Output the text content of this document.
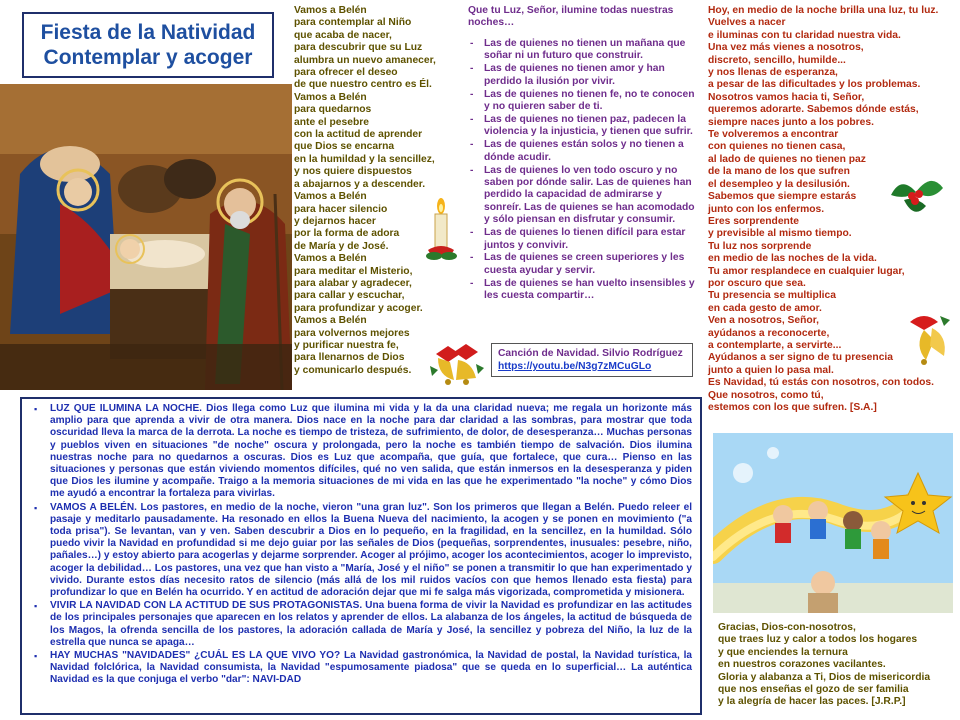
Fiesta de la Natividad
Contemplar y acoger
Vamos a Belén
para contemplar al Niño
que acaba de nacer,
para descubrir que su Luz
alumbra un nuevo amanecer,
para ofrecer el deseo
de que nuestro centro es Él.
Vamos a Belén
para quedarnos
ante el pesebre
con la actitud de aprender
que Dios se encarna
en la humildad y la sencillez,
y nos quiere dispuestos
a abajarnos y a descender.
Vamos a Belén
para hacer silencio
y dejarnos hacer
por la forma de adora
de María y de José.
Vamos a Belén
para meditar el Misterio,
para alabar y agradecer,
para callar y escuchar,
para profundizar y acoger.
Vamos a Belén
para volvernos mejores
y purificar nuestra fe,
para llenarnos de Dios
y comunicarlo después.
Que tu Luz, Señor, ilumine todas nuestras noches…
- Las de quienes no tienen un mañana que soñar ni un futuro que construir.
- Las de quienes no tienen amor y han perdido la ilusión por vivir.
- Las de quienes no tienen fe, no te conocen y no quieren saber de ti.
- Las de quienes no tienen paz, padecen la violencia y la injusticia, y tienen que sufrir.
- Las de quienes están solos y no tienen a dónde acudir.
- Las de quienes lo ven todo oscuro y no saben por dónde salir. Las de quienes han perdido la capacidad de admirarse y sonreír. Las de quienes se han acomodado y sólo piensan en disfrutar y consumir.
- Las de quienes lo tienen difícil para estar juntos y convivir.
- Las de quienes se creen superiores y les cuesta ayudar y servir.
- Las de quienes se han vuelto insensibles y les cuesta compartir…
Canción de Navidad. Silvio Rodríguez
https://youtu.be/N3g7zMCuGLo
Hoy, en medio de la noche brilla una luz, tu luz.
Vuelves a nacer
e iluminas con tu claridad nuestra vida.
Una vez más vienes a nosotros,
discreto, sencillo, humilde...
y nos llenas de esperanza,
a pesar de las dificultades y los problemas.
Nosotros vamos hacia ti, Señor,
queremos adorarte. Sabemos dónde estás,
siempre naces junto a los pobres.
Te volveremos a encontrar
con quienes no tienen casa,
al lado de quienes no tienen paz
de la mano de los que sufren
el desempleo y la desilusión.
Sabemos que siempre estarás
junto con los enfermos.
Eres sorprendente
y previsible al mismo tiempo.
Tu luz nos sorprende
en medio de las noches de la vida.
Tu amor resplandece en cualquier lugar,
por oscuro que sea.
Tu presencia se multiplica
en cada gesto de amor.
Ven a nosotros, Señor,
ayúdanos a reconocerte,
a contemplarte, a servirte...
Ayúdanos a ser signo de tu presencia
junto a quien lo pasa mal.
Es Navidad, tú estás con nosotros, con todos.
Que nosotros, como tú,
estemos con los que sufren. [S.A.]

▪ LUZ QUE ILUMINA LA NOCHE. Dios llega como Luz que ilumina mi vida y la da una claridad nueva; me regala un horizonte más amplio para que aprenda a vivir de otra manera. Dios nace en la noche para dar claridad a las sombras, para mostrar que toda oscuridad lleva la marca de la derrota. La noche es tiempo de tristeza, de sufrimiento, de dolor, de desesperanza… Muchas personas y pueblos viven en situaciones "de noche" oscura y prolongada, pero la noche es también tiempo de salvación. Dios ilumina nuestras noche para no quedarnos a oscuras. Dios es Luz que acompaña, que guía, que fortalece, que cura… Pienso en las situaciones y personas que están viviendo momentos difíciles, qué no ven salida, que están inmersos en la desesperanza y piden que Dios les ilumine y acompañe. Traigo a la memoria situaciones de mi vida en las que he experimentado "la noche" y cómo Dios me ayudó a encontrar la fortaleza para vivirlas.

▪ VAMOS A BELÉN. Los pastores, en medio de la noche, vieron "una gran luz". Son los primeros que llegan a Belén. Puedo releer el pasaje y meditarlo pausadamente. Ha resonado en ellos la Buena Nueva del nacimiento, la acogen y se ponen en movimiento ("a toda prisa"). Se levantan, van y ven. Saben descubrir a Dios en lo pequeño, en la fragilidad, en la sencillez, en la humildad. Sólo puedo vivir la Navidad en profundidad si me dejo guiar por las señales de Dios (pequeñas, sorprendentes, inusuales: pesebre, niño, pañales…) y estoy abierto para acogerlas y dejarme sorprender. Acoger al prójimo, acoger los acontecimientos, acoger lo imprevisto, acoger la debilidad… Los pastores, una vez que han visto a "María, José y el niño" se ponen a transmitir lo que han experimentado y vivido. Durante estos días necesito ratos de silencio (más allá de los mil ruidos vacíos con que hemos llenado esta fiesta) para profundizar lo que en Belén ha ocurrido. Y en actitud de adoración dejar que mi fe salga más vigorizada, comprometida y misionera.

▪ VIVIR LA NAVIDAD CON LA ACTITUD DE SUS PROTAGONISTAS. Una buena forma de vivir la Navidad es profundizar en las actitudes de los principales personajes que aparecen en los relatos y aprender de ellos. La alabanza de los ángeles, la actitud de búsqueda de los Magos, la ofrenda sencilla de los pastores, la adoración callada de María y José, la sencillez y pobreza del Niño, la luz de la estrella que nunca se apaga…

▪ HAY MUCHAS "NAVIDADES" ¿CUÁL ES LA QUE VIVO YO? La Navidad gastronómica, la Navidad de postal, la Navidad turística, la Navidad folclórica, la Navidad consumista, la Navidad "espumosamente piadosa" que se queda en lo superficial… La auténtica Navidad es la que conjuga el verbo "dar": NAVI-DAD

Gracias, Dios-con-nosotros,
que traes luz y calor a todos los hogares
y que enciendes la ternura
en nuestros corazones vacilantes.
Gloria y alabanza a Ti, Dios de misericordia
que nos enseñas el gozo de ser familia
y la alegría de hacer las paces. [J.R.P.]
